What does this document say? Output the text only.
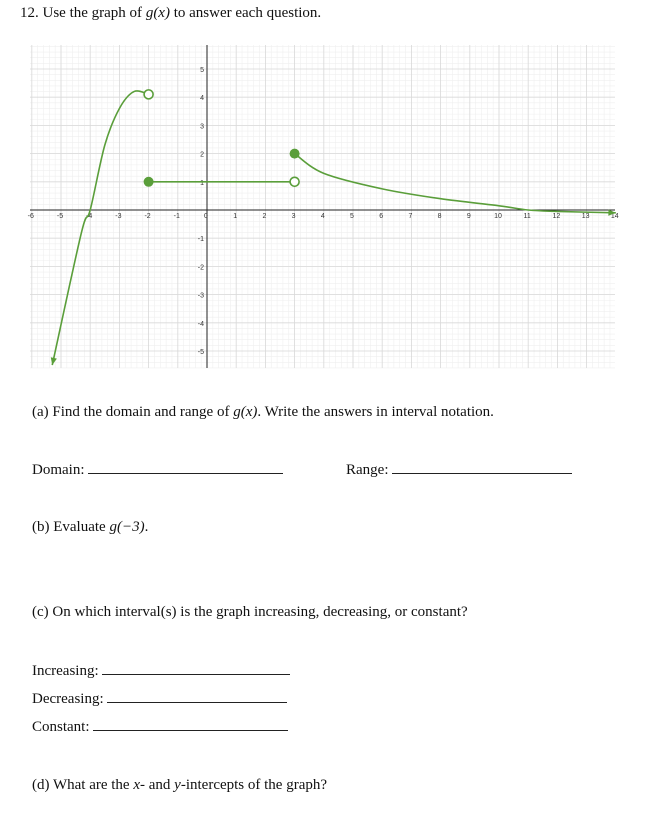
-6	-5	-4	-3	-2	-1	0	1	2	3	4	5	6	7	8	9	10	11	12	13	14
5
4
3
2
1
-1
-2
-3
-4
-5
12. Use the graph of g(x) to answer each question.
(a) Find the domain and range of g(x). Write the answers in interval notation.
Domain:	Range:
(b) Evaluate g(−3).
(c) On which interval(s) is the graph increasing, decreasing, or constant?
Increasing:
Decreasing:
Constant:
(d) What are the x- and y-intercepts of the graph?
